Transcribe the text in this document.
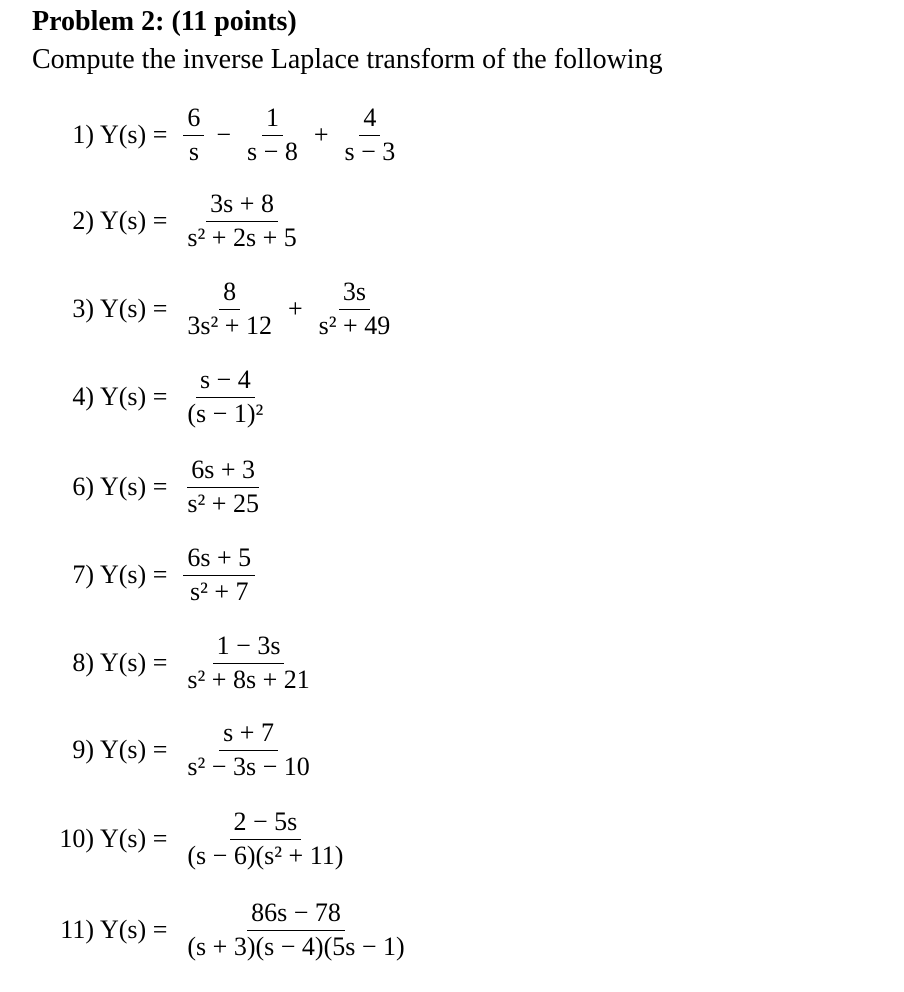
Problem 2: (11 points)
Compute the inverse Laplace transform of the following
1) $Y(s) = \frac{6}{s} - \frac{1}{s - 8} + \frac{4}{s - 3}$
2) $Y(s) = \frac{3s + 8}{\text{s² + 2s + 5}}$
3) $Y(s) = \frac{8}{\text{3s² + 12}} + \frac{3s}{\text{s² + 49}}$
4) $Y(s) = \frac{s - 4}{\text{(s − 1)²}}$
6) $Y(s) = \frac{6s + 3}{\text{s² + 25}}$
7) $Y(s) = \frac{6s + 5}{\text{s² + 7}}$
8) $Y(s) = \frac{1 - 3s}{\text{s² + 8s + 21}}$
9) $Y(s) = \frac{s + 7}{\text{s² − 3s − 10}}$
10) $Y(s) = \frac{2 - 5s}{\text{(s − 6)(s² + 11)}}$
11) $Y(s) = \frac{86s - 78}{(s + 3)(s - 4)(5s - 1)}$
